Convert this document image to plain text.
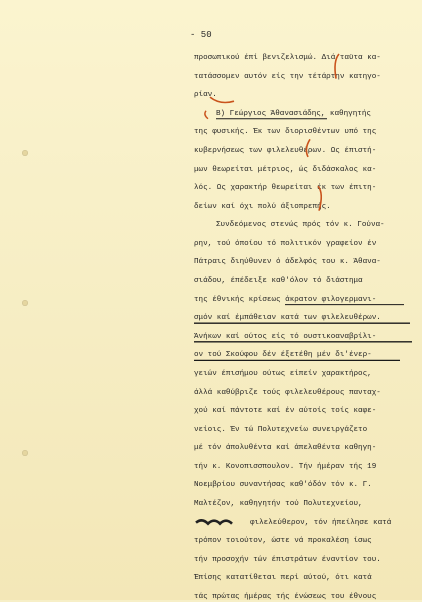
- 50
προσωπικού έπί βενιζελισμώ. Διά ταϋτα κα-
τατάσσομεν αυτόν είς την τέτάρτην κατηγο-
ρίαν.
Β) Γεώργιος Άθανασιάδης, καθηγητής
της φυσικής. Έκ των διορισθέντων υπό της
κυβερνήσεως των φιλελευθέρων. Ως έπιστή-
μων θεωρείται μέτριος, ώς διδάσκαλος κα-
λός. Ως χαρακτήρ θεωρείται έκ των έπιτη-
δείων καί όχι πολύ άξιοπρεπής.
Συνδεόμενος στενώς πρός τόν κ. Γούνα-
ρην, τού όποίου τό πολιτικόν γραφείον έν
Πάτραις διηύθυνεν ό άδελφός του κ. Άθανα-
σιάδου, έπέδειξε καθ'όλον τό διάστημα
της έθνικής κρίσεως άκρατον φιλογερμανι-
σμόν καί έμπάθειαν κατά των φιλελευθέρων.
Άνήκων καί ούτος είς τό ουστικοαναβρίλι-
ον τού Σκούφου δέν έξετέθη μέν δι'ένερ-
γειών έπισήμου ούτως είπείν χαρακτήρος,
άλλά καθύβριζε τούς φιλελευθέρους πανταχ-
χού καί πάντοτε καί έν αύτοίς τοίς καφε-
νείοις. Έν τώ Πολυτεχνείω συνειργάζετο
μέ τόν άπολυθέντα καί άπελαθέντα καθηγη-
τήν κ. Κονοπισσπουλον. Τήν ήμέραν τής 19
Νοεμβρίου συναντήσας καθ'όδόν τόν κ. Γ.
Μαλτέζον, καθηγητήν τού Πολυτεχνείου,
φιλελεύθερον, τόν ήπείλησε κατά
τρόπον τοιούτον, ώστε νά προκαλέση ίσως
τήν προσοχήν τών έπιστράτων έναντίον του.
Έπίσης κατατίθεται περί αύτού, ότι κατά
τάς πρώτας ήμέρας τής ένώσεως του έθνους
